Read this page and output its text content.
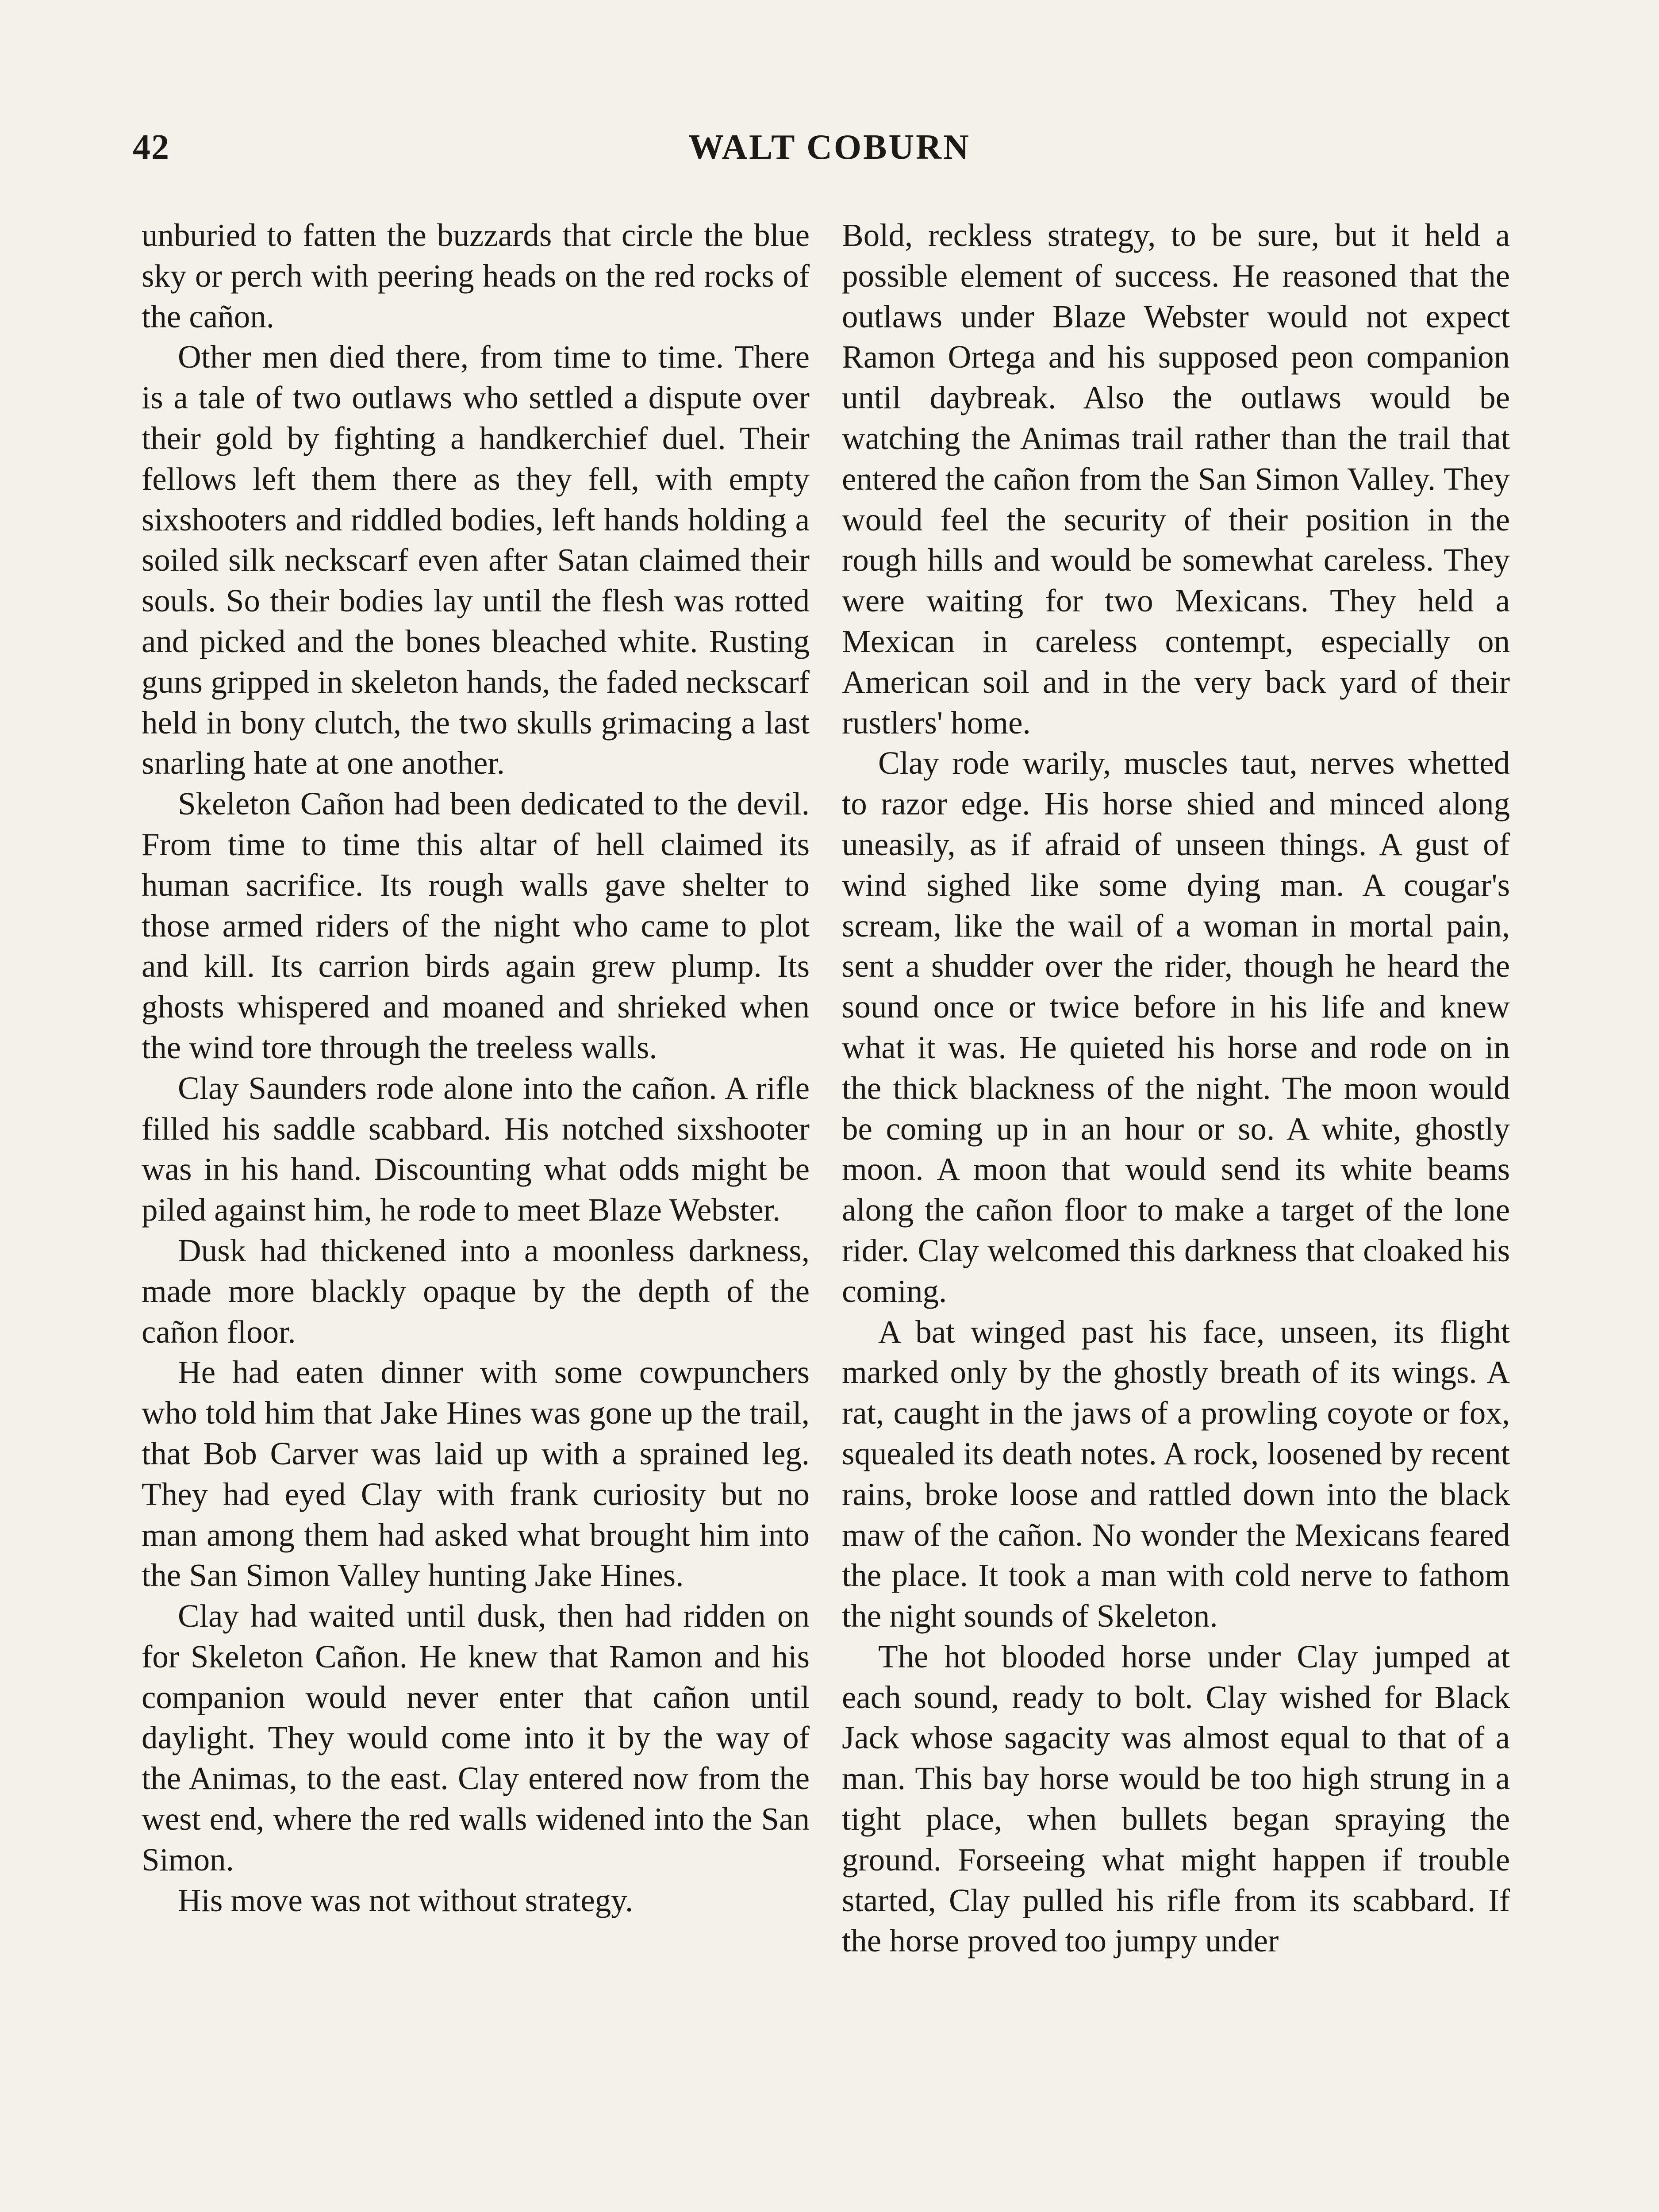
42	WALT COBURN

unburied to fatten the buzzards that circle the blue sky or perch with peering heads on the red rocks of the cañon.

Other men died there, from time to time. There is a tale of two outlaws who settled a dispute over their gold by fighting a handkerchief duel. Their fellows left them there as they fell, with empty sixshooters and riddled bodies, left hands holding a soiled silk neckscarf even after Satan claimed their souls. So their bodies lay until the flesh was rotted and picked and the bones bleached white. Rusting guns gripped in skeleton hands, the faded neckscarf held in bony clutch, the two skulls grimacing a last snarling hate at one another.

Skeleton Cañon had been dedicated to the devil. From time to time this altar of hell claimed its human sacrifice. Its rough walls gave shelter to those armed riders of the night who came to plot and kill. Its carrion birds again grew plump. Its ghosts whispered and moaned and shrieked when the wind tore through the treeless walls.

Clay Saunders rode alone into the cañon. A rifle filled his saddle scabbard. His notched sixshooter was in his hand. Discounting what odds might be piled against him, he rode to meet Blaze Webster.

Dusk had thickened into a moonless darkness, made more blackly opaque by the depth of the cañon floor.

He had eaten dinner with some cowpunchers who told him that Jake Hines was gone up the trail, that Bob Carver was laid up with a sprained leg. They had eyed Clay with frank curiosity but no man among them had asked what brought him into the San Simon Valley hunting Jake Hines.

Clay had waited until dusk, then had ridden on for Skeleton Cañon. He knew that Ramon and his companion would never enter that cañon until daylight. They would come into it by the way of the Animas, to the east. Clay entered now from the west end, where the red walls widened into the San Simon.

His move was not without strategy.

Bold, reckless strategy, to be sure, but it held a possible element of success. He reasoned that the outlaws under Blaze Webster would not expect Ramon Ortega and his supposed peon companion until daybreak. Also the outlaws would be watching the Animas trail rather than the trail that entered the cañon from the San Simon Valley. They would feel the security of their position in the rough hills and would be somewhat careless. They were waiting for two Mexicans. They held a Mexican in careless contempt, especially on American soil and in the very back yard of their rustlers' home.

Clay rode warily, muscles taut, nerves whetted to razor edge. His horse shied and minced along uneasily, as if afraid of unseen things. A gust of wind sighed like some dying man. A cougar's scream, like the wail of a woman in mortal pain, sent a shudder over the rider, though he heard the sound once or twice before in his life and knew what it was. He quieted his horse and rode on in the thick blackness of the night. The moon would be coming up in an hour or so. A white, ghostly moon. A moon that would send its white beams along the cañon floor to make a target of the lone rider. Clay welcomed this darkness that cloaked his coming.

A bat winged past his face, unseen, its flight marked only by the ghostly breath of its wings. A rat, caught in the jaws of a prowling coyote or fox, squealed its death notes. A rock, loosened by recent rains, broke loose and rattled down into the black maw of the cañon. No wonder the Mexicans feared the place. It took a man with cold nerve to fathom the night sounds of Skeleton.

The hot blooded horse under Clay jumped at each sound, ready to bolt. Clay wished for Black Jack whose sagacity was almost equal to that of a man. This bay horse would be too high strung in a tight place, when bullets began spraying the ground. Forseeing what might happen if trouble started, Clay pulled his rifle from its scabbard. If the horse proved too jumpy under
